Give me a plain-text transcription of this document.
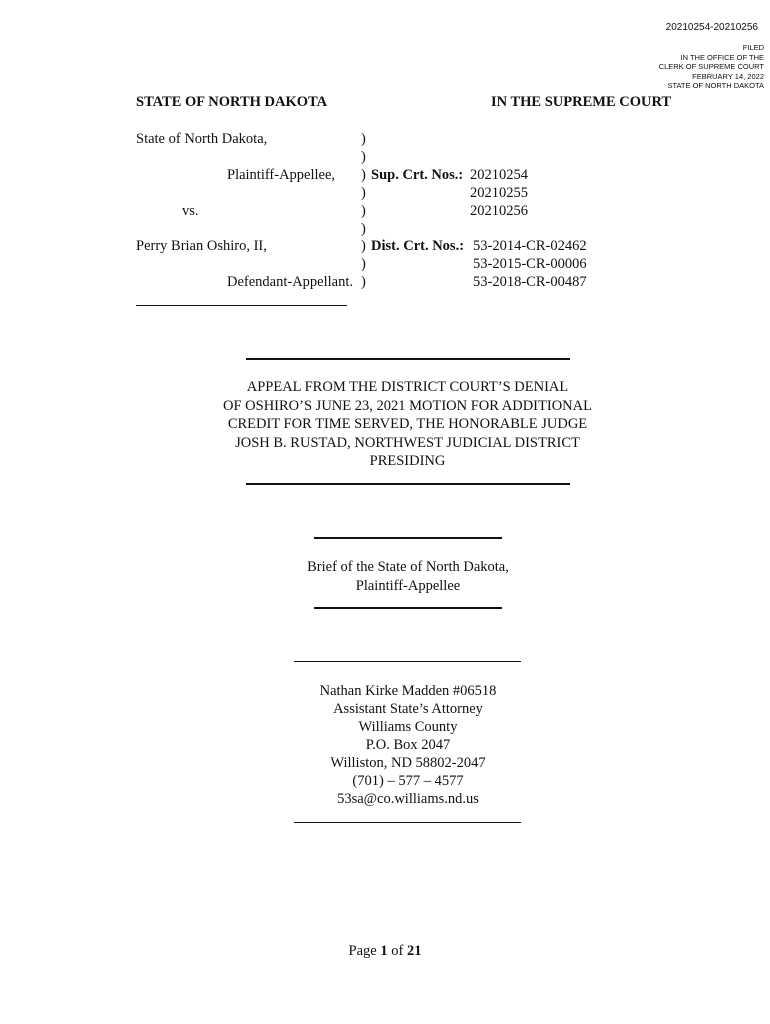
20210254-20210256
FILED
IN THE OFFICE OF THE
CLERK OF SUPREME COURT
FEBRUARY 14, 2022
STATE OF NORTH DAKOTA
STATE OF NORTH DAKOTA	IN THE SUPREME COURT
State of North Dakota,
Plaintiff-Appellee,
vs.
Perry Brian Oshiro, II,
Defendant-Appellant.
)
)
)
)
)
)
)
)
)
Sup. Crt. Nos.: 20210254
20210255
20210256
Dist. Crt. Nos.: 53-2014-CR-02462
53-2015-CR-00006
53-2018-CR-00487
APPEAL FROM THE DISTRICT COURT’S DENIAL
OF OSHIRO’S JUNE 23, 2021 MOTION FOR ADDITIONAL
CREDIT FOR TIME SERVED, THE HONORABLE JUDGE
JOSH B. RUSTAD, NORTHWEST JUDICIAL DISTRICT
PRESIDING
Brief of the State of North Dakota,
Plaintiff-Appellee
Nathan Kirke Madden #06518
Assistant State’s Attorney
Williams County
P.O. Box 2047
Williston, ND 58802-2047
(701) – 577 – 4577
53sa@co.williams.nd.us
Page 1 of 21
